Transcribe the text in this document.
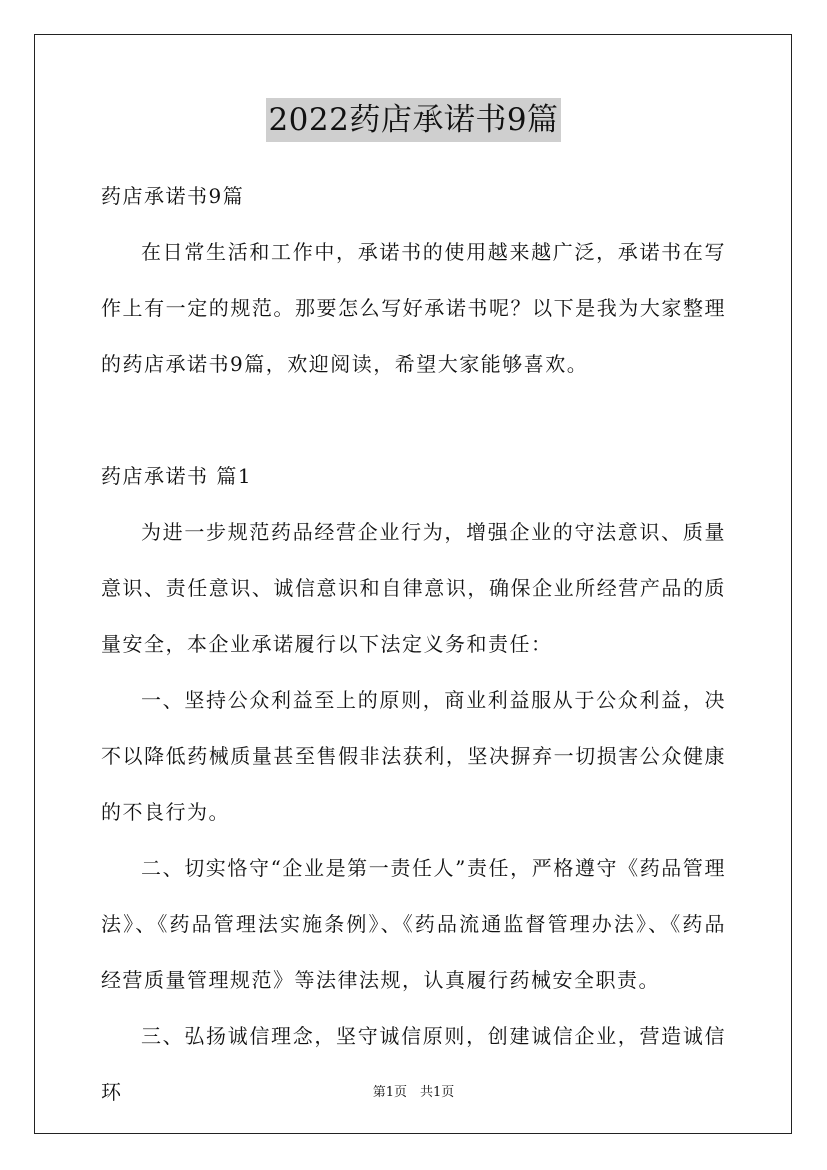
2022药店承诺书9篇

药店承诺书9篇

在日常生活和工作中，承诺书的使用越来越广泛，承诺书在写作上有一定的规范。那要怎么写好承诺书呢？以下是我为大家整理的药店承诺书9篇，欢迎阅读，希望大家能够喜欢。

药店承诺书 篇1

为进一步规范药品经营企业行为，增强企业的守法意识、质量意识、责任意识、诚信意识和自律意识，确保企业所经营产品的质量安全，本企业承诺履行以下法定义务和责任：

一、坚持公众利益至上的原则，商业利益服从于公众利益，决不以降低药械质量甚至售假非法获利，坚决摒弃一切损害公众健康的不良行为。

二、切实恪守“企业是第一责任人”责任，严格遵守《药品管理法》、《药品管理法实施条例》、《药品流通监督管理办法》、《药品经营质量管理规范》等法律法规，认真履行药械安全职责。

三、弘扬诚信理念，坚守诚信原则，创建诚信企业，营造诚信环	第1页　共1页
